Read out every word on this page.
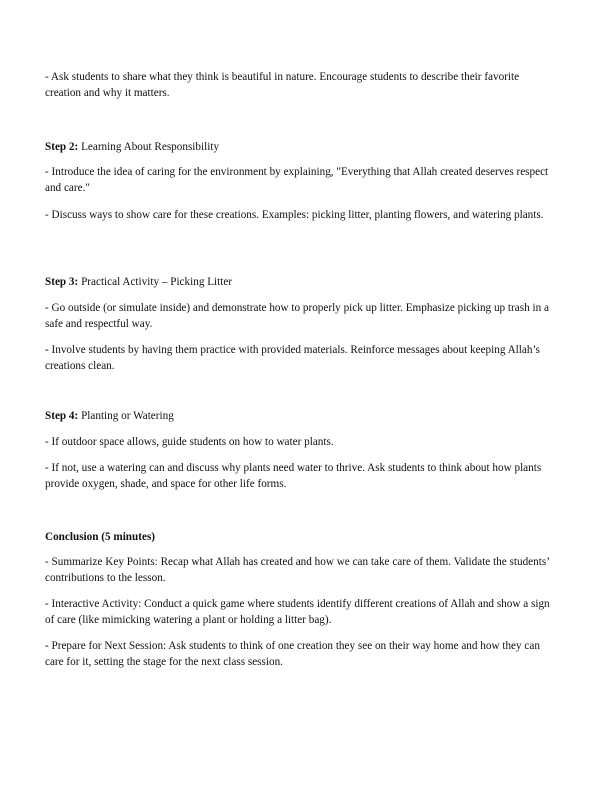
- Ask students to share what they think is beautiful in nature. Encourage students to describe their favorite creation and why it matters.

Step 2: Learning About Responsibility

- Introduce the idea of caring for the environment by explaining, "Everything that Allah created deserves respect and care."

- Discuss ways to show care for these creations. Examples: picking litter, planting flowers, and watering plants.

Step 3: Practical Activity – Picking Litter

- Go outside (or simulate inside) and demonstrate how to properly pick up litter. Emphasize picking up trash in a safe and respectful way.

- Involve students by having them practice with provided materials. Reinforce messages about keeping Allah’s creations clean.

Step 4: Planting or Watering

- If outdoor space allows, guide students on how to water plants.

- If not, use a watering can and discuss why plants need water to thrive. Ask students to think about how plants provide oxygen, shade, and space for other life forms.

Conclusion (5 minutes)

- Summarize Key Points: Recap what Allah has created and how we can take care of them. Validate the students’ contributions to the lesson.

- Interactive Activity: Conduct a quick game where students identify different creations of Allah and show a sign of care (like mimicking watering a plant or holding a litter bag).

- Prepare for Next Session: Ask students to think of one creation they see on their way home and how they can care for it, setting the stage for the next class session.
